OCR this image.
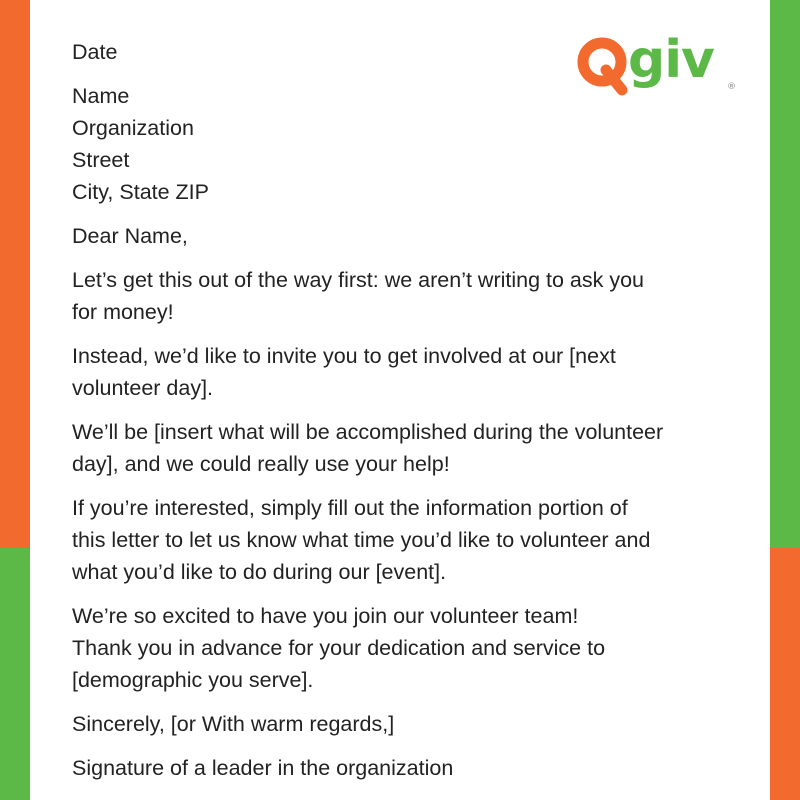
giv ®
Date
Name
Organization
Street
City, State ZIP
Dear Name,
Let’s get this out of the way first: we aren’t writing to ask you
for money!
Instead, we’d like to invite you to get involved at our [next
volunteer day].
We’ll be [insert what will be accomplished during the volunteer
day], and we could really use your help!
If you’re interested, simply fill out the information portion of
this letter to let us know what time you’d like to volunteer and
what you’d like to do during our [event].
We’re so excited to have you join our volunteer team!
Thank you in advance for your dedication and service to
[demographic you serve].
Sincerely, [or With warm regards,]
Signature of a leader in the organization
